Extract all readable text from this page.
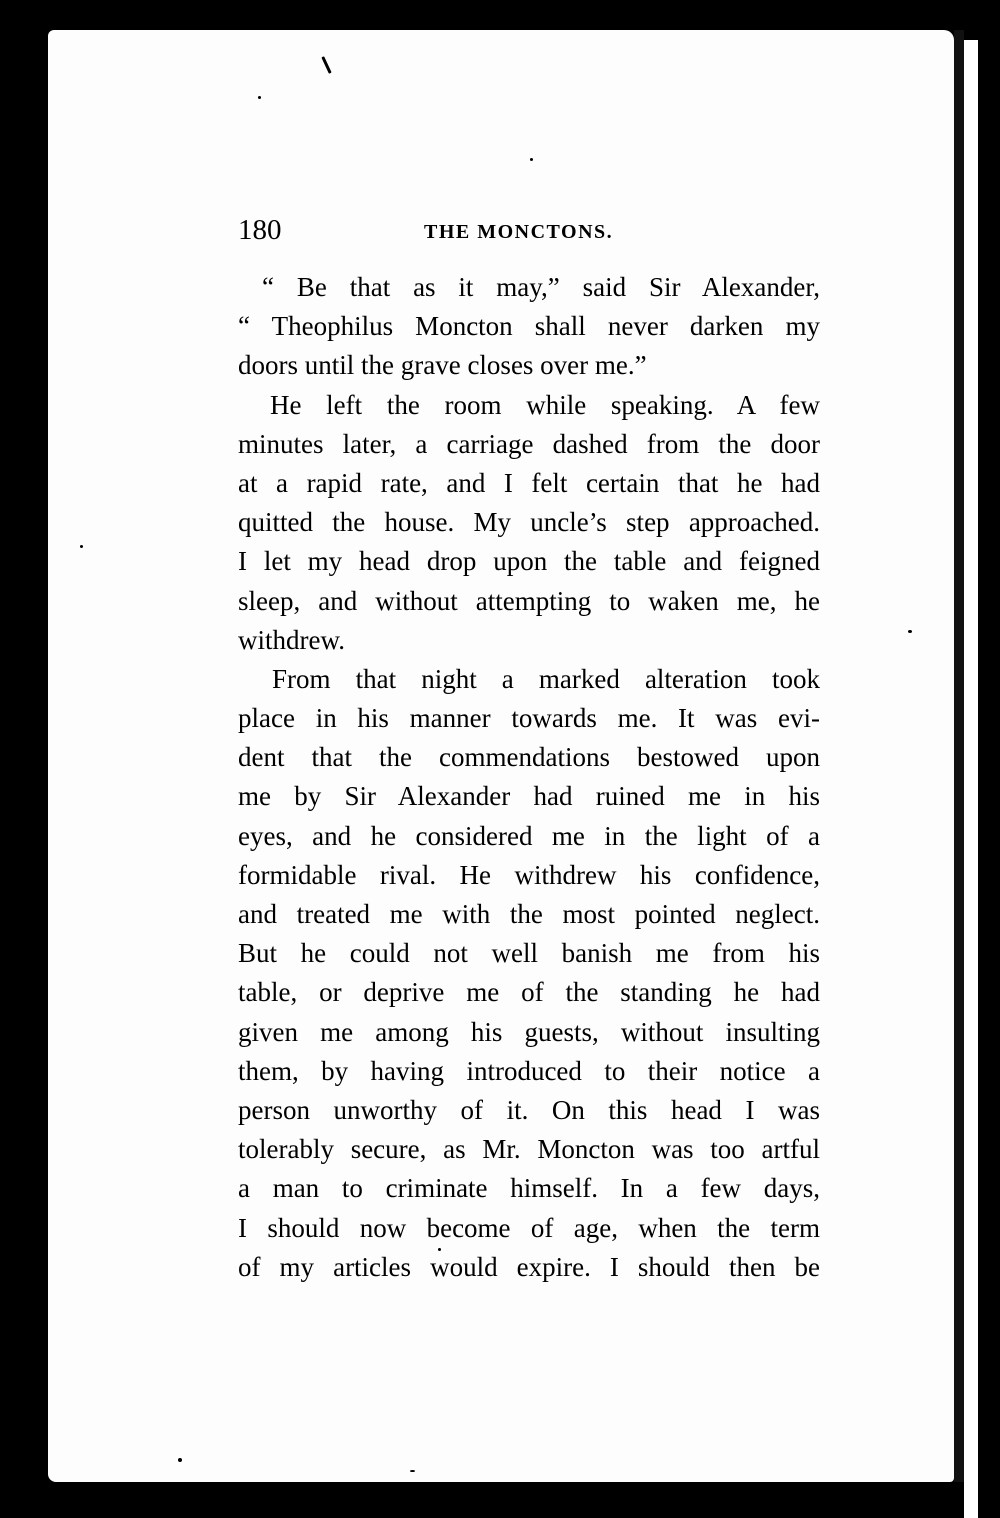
180	THE MONCTONS.
“ Be that as it may,” said Sir Alexander,
“ Theophilus Moncton shall never darken my
doors until the grave closes over me.”
He left the room while speaking. A few
minutes later, a carriage dashed from the door
at a rapid rate, and I felt certain that he had
quitted the house. My uncle’s step approached.
I let my head drop upon the table and feigned
sleep, and without attempting to waken me, he
withdrew.
From that night a marked alteration took
place in his manner towards me. It was evi-
dent that the commendations bestowed upon
me by Sir Alexander had ruined me in his
eyes, and he considered me in the light of a
formidable rival. He withdrew his confidence,
and treated me with the most pointed neglect.
But he could not well banish me from his
table, or deprive me of the standing he had
given me among his guests, without insulting
them, by having introduced to their notice a
person unworthy of it. On this head I was
tolerably secure, as Mr. Moncton was too artful
a man to criminate himself. In a few days,
I should now become of age, when the term
of my articles would expire. I should then be
